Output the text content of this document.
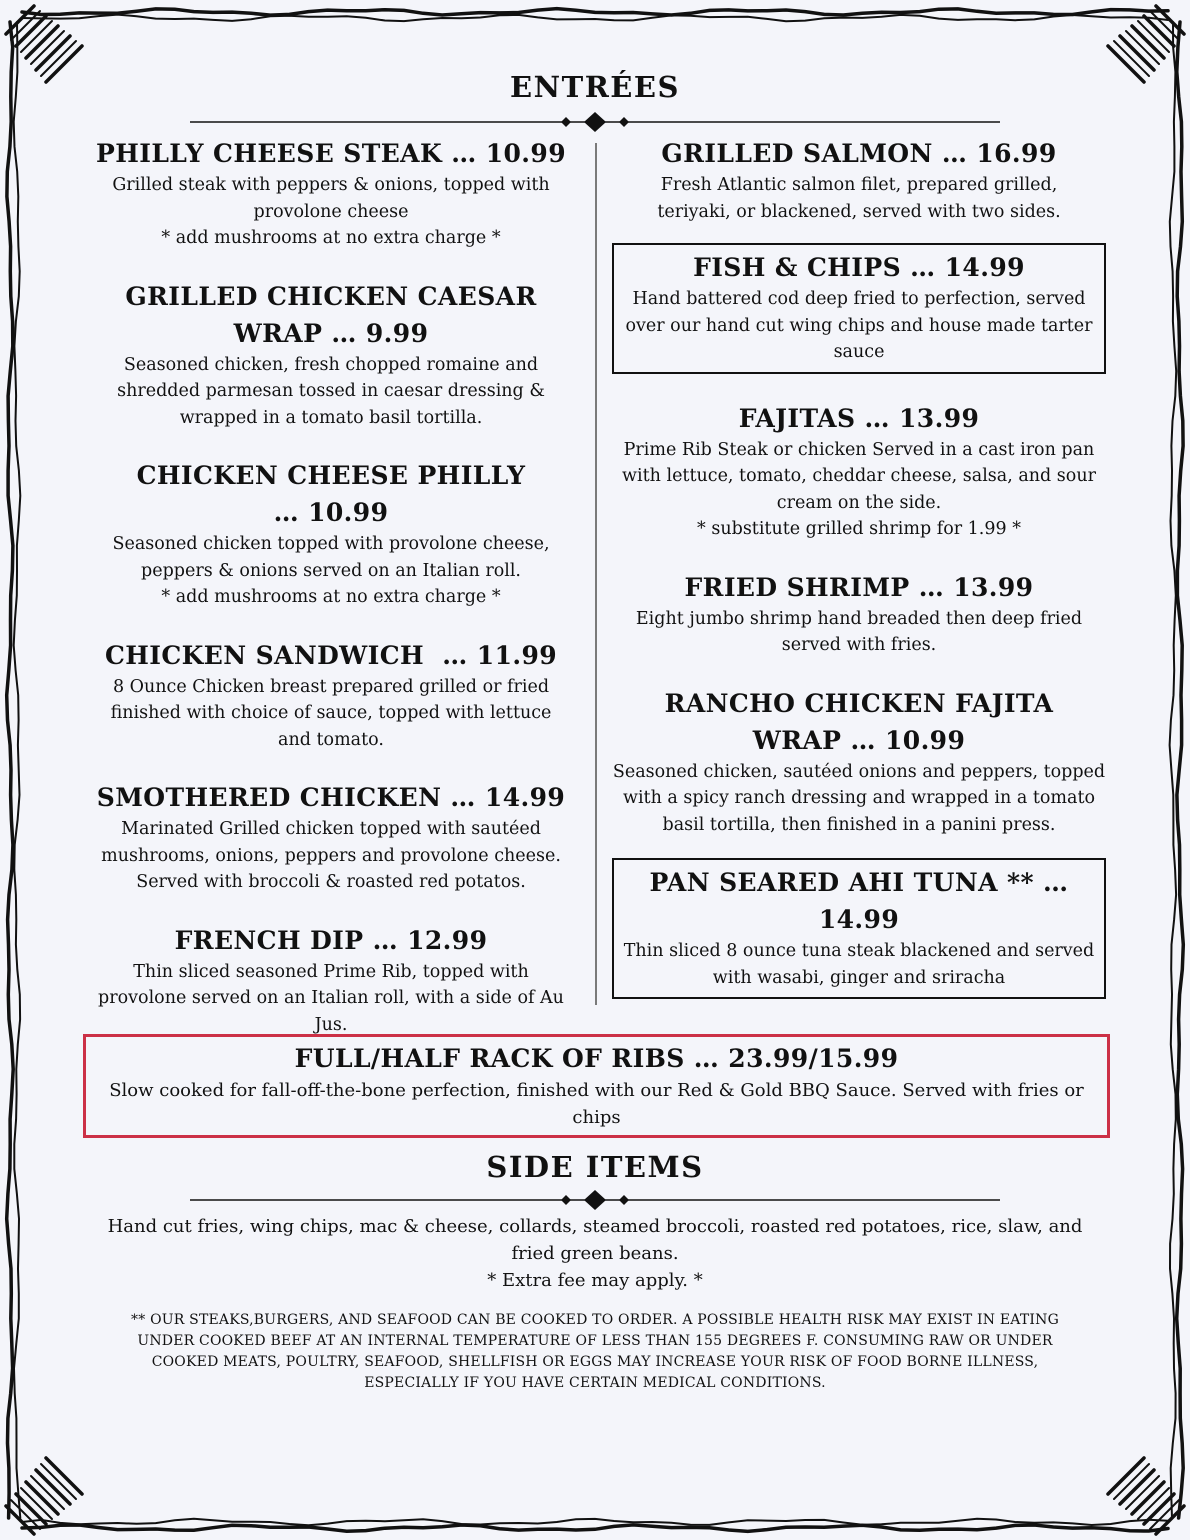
ENTRÉES
PHILLY CHEESE STEAK … 10.99
Grilled steak with peppers & onions, topped with provolone cheese
* add mushrooms at no extra charge *
GRILLED CHICKEN CAESAR WRAP … 9.99
Seasoned chicken, fresh chopped romaine and shredded parmesan tossed in caesar dressing & wrapped in a tomato basil tortilla.
CHICKEN CHEESE PHILLY … 10.99
Seasoned chicken topped with provolone cheese, peppers & onions served on an Italian roll.
* add mushrooms at no extra charge *
CHICKEN SANDWICH  … 11.99
8 Ounce Chicken breast prepared grilled or fried finished with choice of sauce, topped with lettuce and tomato.
SMOTHERED CHICKEN … 14.99
Marinated Grilled chicken topped with sautéed mushrooms, onions, peppers and provolone cheese. Served with broccoli & roasted red potatos.
FRENCH DIP … 12.99
Thin sliced seasoned Prime Rib, topped with provolone served on an Italian roll, with a side of Au Jus.
GRILLED SALMON … 16.99
Fresh Atlantic salmon filet, prepared grilled, teriyaki, or blackened, served with two sides.
FISH & CHIPS … 14.99
Hand battered cod deep fried to perfection, served over our hand cut wing chips and house made tarter sauce
FAJITAS … 13.99
Prime Rib Steak or chicken Served in a cast iron pan with lettuce, tomato, cheddar cheese, salsa, and sour cream on the side.
* substitute grilled shrimp for 1.99 *
FRIED SHRIMP … 13.99
Eight jumbo shrimp hand breaded then deep fried served with fries.
RANCHO CHICKEN FAJITA WRAP … 10.99
Seasoned chicken, sautéed onions and peppers, topped with a spicy ranch dressing and wrapped in a tomato basil tortilla, then finished in a panini press.
PAN SEARED AHI TUNA ** … 14.99
Thin sliced 8 ounce tuna steak blackened and served with wasabi, ginger and sriracha
FULL/HALF RACK OF RIBS … 23.99/15.99
Slow cooked for fall-off-the-bone perfection, finished with our Red & Gold BBQ Sauce. Served with fries or chips
SIDE ITEMS
Hand cut fries, wing chips, mac & cheese, collards, steamed broccoli, roasted red potatoes, rice, slaw, and fried green beans.
* Extra fee may apply. *
** OUR STEAKS,BURGERS, AND SEAFOOD CAN BE COOKED TO ORDER. A POSSIBLE HEALTH RISK MAY EXIST IN EATING UNDER COOKED BEEF AT AN INTERNAL TEMPERATURE OF LESS THAN 155 DEGREES F. CONSUMING RAW OR UNDER COOKED MEATS, POULTRY, SEAFOOD, SHELLFISH OR EGGS MAY INCREASE YOUR RISK OF FOOD BORNE ILLNESS, ESPECIALLY IF YOU HAVE CERTAIN MEDICAL CONDITIONS.
